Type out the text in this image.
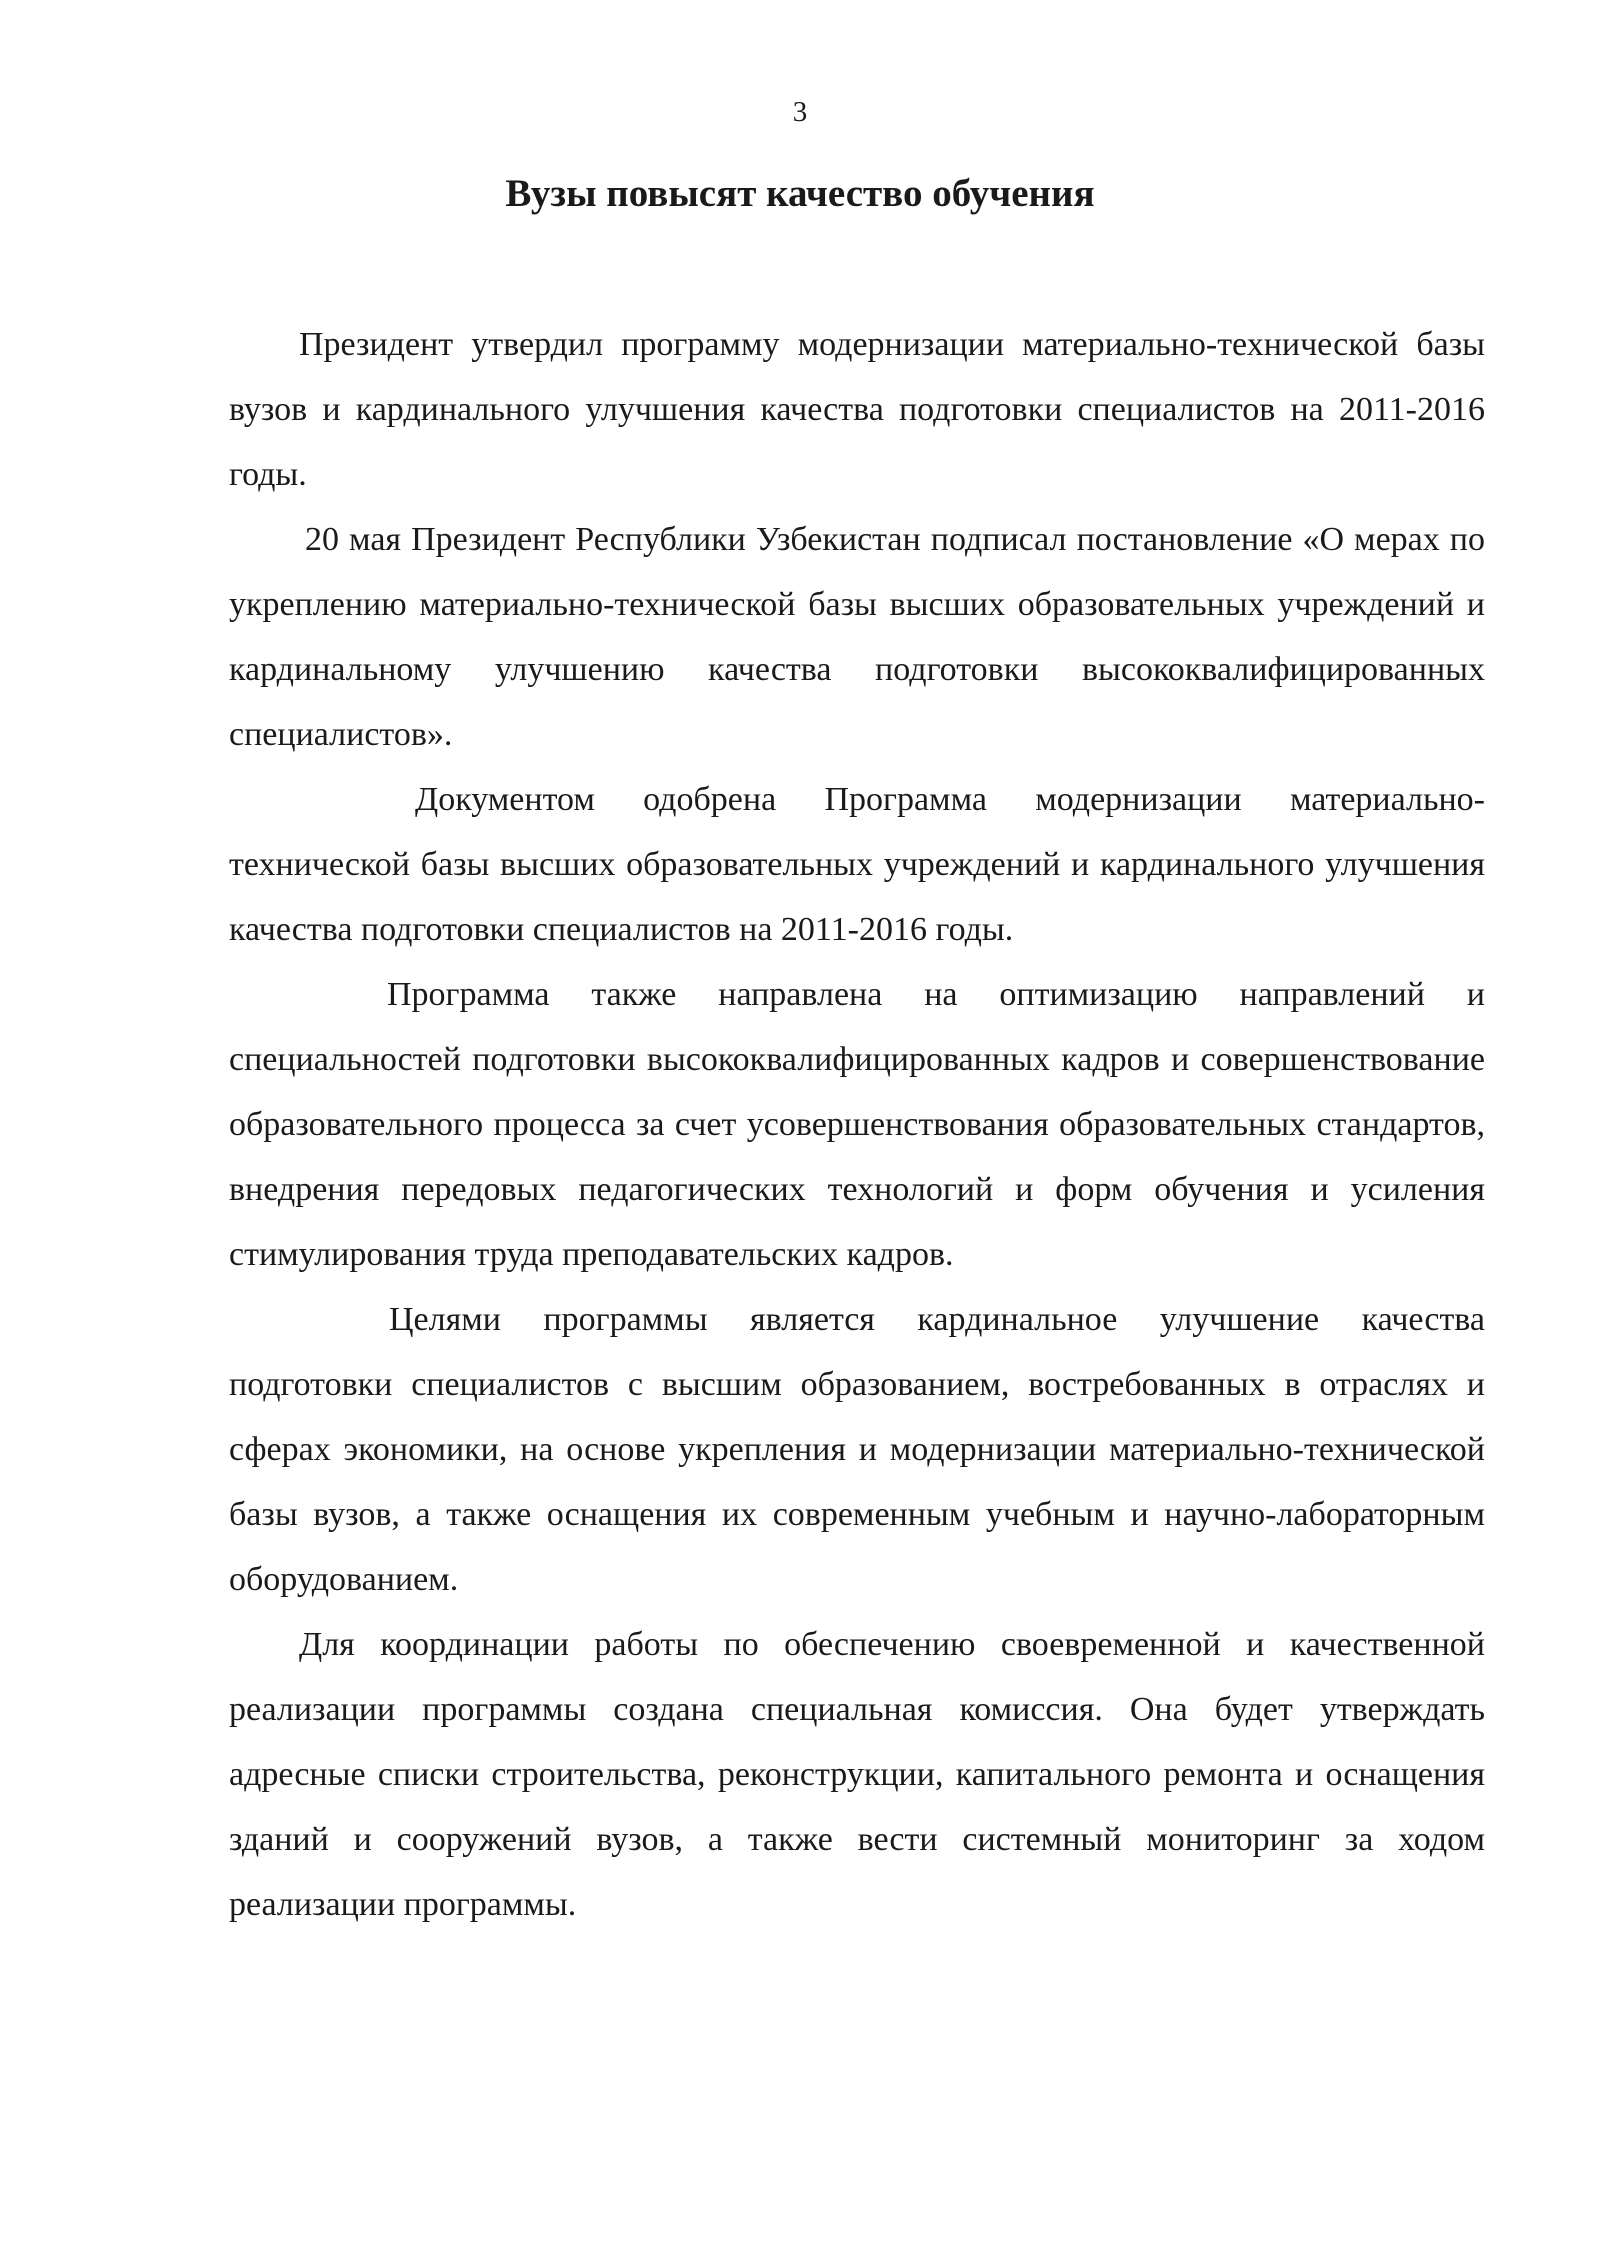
3
Вузы повысят качество обучения

Президент утвердил программу модернизации материально-технической базы вузов и кардинального улучшения качества подготовки специалистов на 2011-2016 годы.

20 мая Президент Республики Узбекистан подписал постановление «О мерах по укреплению материально-технической базы высших образовательных учреждений и кардинальному улучшению качества подготовки высококвалифицированных специалистов».

Документом одобрена Программа модернизации материально-технической базы высших образовательных учреждений и кардинального улучшения качества подготовки специалистов на 2011-2016 годы.

Программа также направлена на оптимизацию направлений и специальностей подготовки высококвалифицированных кадров и совершенствование образовательного процесса за счет усовершенствования образовательных стандартов, внедрения передовых педагогических технологий и форм обучения и усиления стимулирования труда преподавательских кадров.

Целями программы является кардинальное улучшение качества подготовки специалистов с высшим образованием, востребованных в отраслях и сферах экономики, на основе укрепления и модернизации материально-технической базы вузов, а также оснащения их современным учебным и научно-лабораторным оборудованием.

Для координации работы по обеспечению своевременной и качественной реализации программы создана специальная комиссия. Она будет утверждать адресные списки строительства, реконструкции, капитального ремонта и оснащения зданий и сооружений вузов, а также вести системный мониторинг за ходом реализации программы.
